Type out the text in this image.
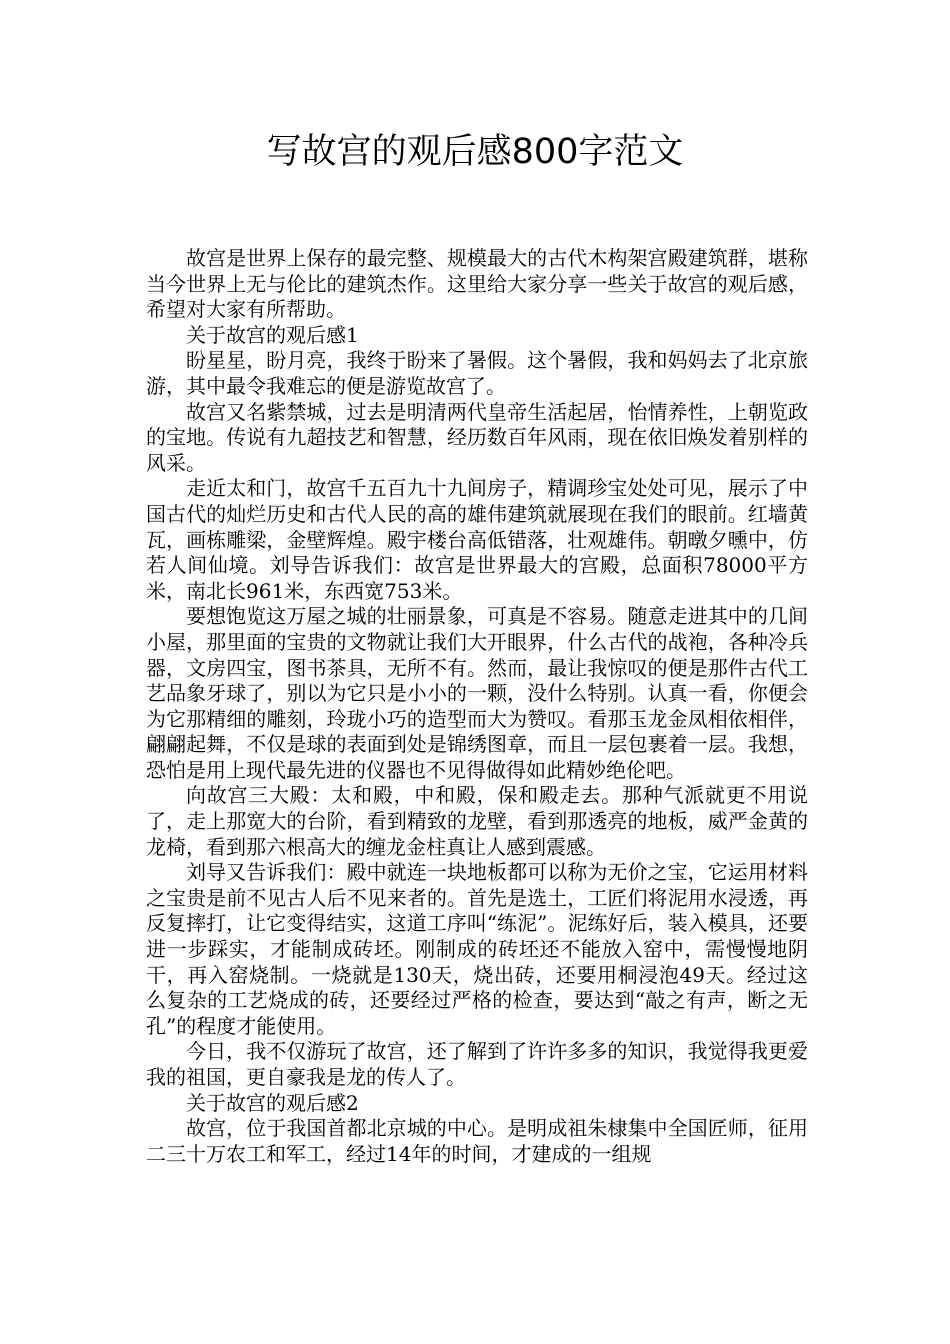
写故宫的观后感800字范文

故宫是世界上保存的最完整、规模最大的古代木构架宫殿建筑群，堪称当今世界上无与伦比的建筑杰作。这里给大家分享一些关于故宫的观后感，希望对大家有所帮助。

关于故宫的观后感1

盼星星，盼月亮，我终于盼来了暑假。这个暑假，我和妈妈去了北京旅游，其中最令我难忘的便是游览故宫了。

故宫又名紫禁城，过去是明清两代皇帝生活起居，怡情养性，上朝览政的宝地。传说有九超技艺和智慧，经历数百年风雨，现在依旧焕发着别样的风采。

走近太和门，故宫千五百九十九间房子，精调珍宝处处可见，展示了中国古代的灿烂历史和古代人民的高的雄伟建筑就展现在我们的眼前。红墙黄瓦，画栋雕梁，金壁辉煌。殿宇楼台高低错落，壮观雄伟。朝暾夕曛中，仿若人间仙境。刘导告诉我们：故宫是世界最大的宫殿，总面积78000平方米，南北长961米，东西宽753米。

要想饱览这万屋之城的壮丽景象，可真是不容易。随意走进其中的几间小屋，那里面的宝贵的文物就让我们大开眼界，什么古代的战袍，各种冷兵器，文房四宝，图书茶具，无所不有。然而，最让我惊叹的便是那件古代工艺品象牙球了，别以为它只是小小的一颗，没什么特别。认真一看，你便会为它那精细的雕刻，玲珑小巧的造型而大为赞叹。看那玉龙金凤相依相伴，翩翩起舞，不仅是球的表面到处是锦绣图章，而且一层包裹着一层。我想，恐怕是用上现代最先进的仪器也不见得做得如此精妙绝伦吧。

向故宫三大殿：太和殿，中和殿，保和殿走去。那种气派就更不用说了，走上那宽大的台阶，看到精致的龙壁，看到那透亮的地板，威严金黄的龙椅，看到那六根高大的缠龙金柱真让人感到震感。

刘导又告诉我们：殿中就连一块地板都可以称为无价之宝，它运用材料之宝贵是前不见古人后不见来者的。首先是选土，工匠们将泥用水浸透，再反复摔打，让它变得结实，这道工序叫“练泥”。泥练好后，装入模具，还要进一步踩实，才能制成砖坯。刚制成的砖坯还不能放入窑中，需慢慢地阴干，再入窑烧制。一烧就是130天，烧出砖，还要用桐浸泡49天。经过这么复杂的工艺烧成的砖，还要经过严格的检查，要达到“敲之有声，断之无孔”的程度才能使用。

今日，我不仅游玩了故宫，还了解到了许许多多的知识，我觉得我更爱我的祖国，更自豪我是龙的传人了。

关于故宫的观后感2

故宫，位于我国首都北京城的中心。是明成祖朱棣集中全国匠师，征用二三十万农工和军工，经过14年的时间，才建成的一组规
